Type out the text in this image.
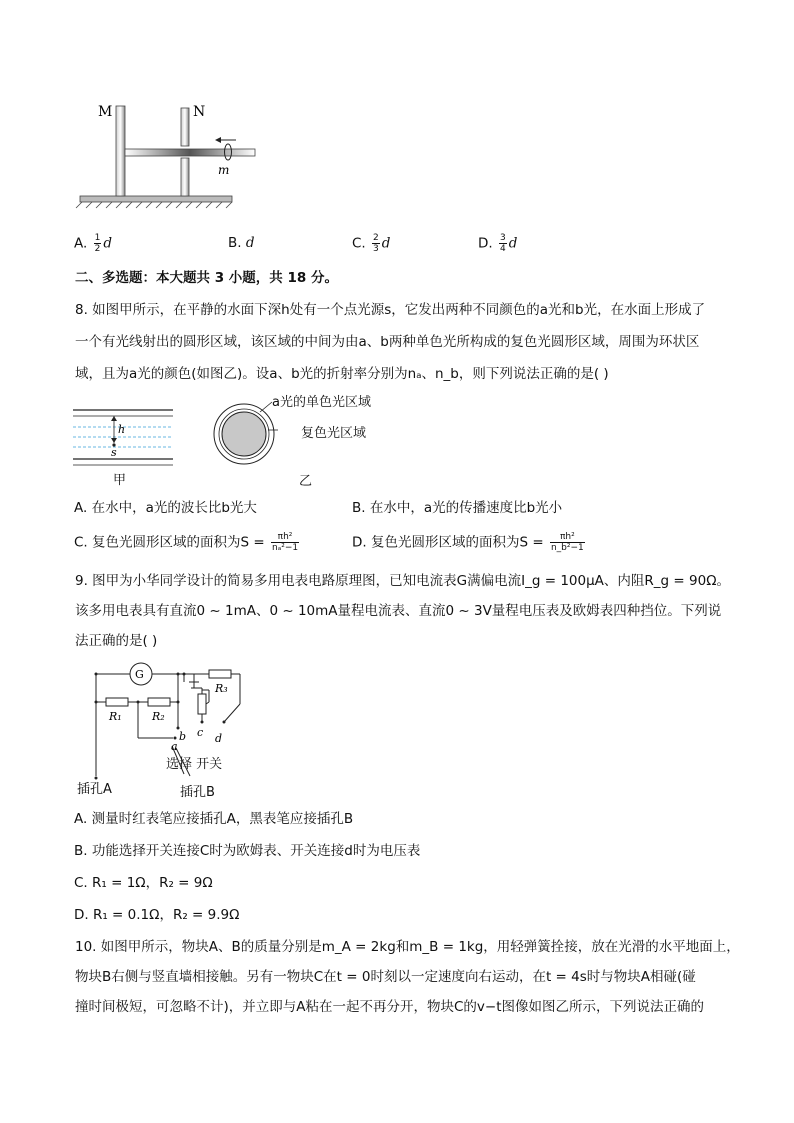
M	N
m
A. $\frac{1}{2}$ d	B. d	C. $\frac{2}{3}$ d	D. $\frac{3}{4}$ d
二、多选题：本大题共 3 小题，共 18 分。
8. 如图甲所示，在平静的水面下深h处有一个点光源s，它发出两种不同颜色的a光和b光，在水面上形成了
一个有光线射出的圆形区域，该区域的中间为由a、b两种单色光所构成的复色光圆形区域，周围为环状区
域，且为a光的颜色(如图乙)。设a、b光的折射率分别为nₐ、n_b，则下列说法正确的是( )
h
s
甲
a光的单色光区域
复色光区域
乙
A. 在水中，a光的波长比b光大	B. 在水中，a光的传播速度比b光小
C. 复色光圆形区域的面积为$S = \frac{\text{πh²}}{\text{nₐ²−1}}$	D. 复色光圆形区域的面积为$S = \frac{\text{πh²}}{\text{n\_b²−1}}$
9. 图甲为小华同学设计的简易多用电表电路原理图，已知电流表G满偏电流I_g = 100μA、内阻R_g = 90Ω。
该多用电表具有直流0 ~ 1mA、0 ~ 10mA量程电流表、直流0 ~ 3V量程电压表及欧姆表四种挡位。下列说
法正确的是( )
G
R₁	R₂
R₃
a
b c d
选择 开关
插孔A	插孔B
A. 测量时红表笔应接插孔A，黑表笔应接插孔B
B. 功能选择开关连接C时为欧姆表、开关连接d时为电压表
C. R₁ = 1Ω，R₂ = 9Ω
D. R₁ = 0.1Ω，R₂ = 9.9Ω
10. 如图甲所示，物块A、B的质量分别是m_A = 2kg和m_B = 1kg，用轻弹簧拴接，放在光滑的水平地面上，
物块B右侧与竖直墙相接触。另有一物块C在t = 0时刻以一定速度向右运动，在t = 4s时与物块A相碰(碰
撞时间极短，可忽略不计)，并立即与A粘在一起不再分开，物块C的v−t图像如图乙所示，下列说法正确的
